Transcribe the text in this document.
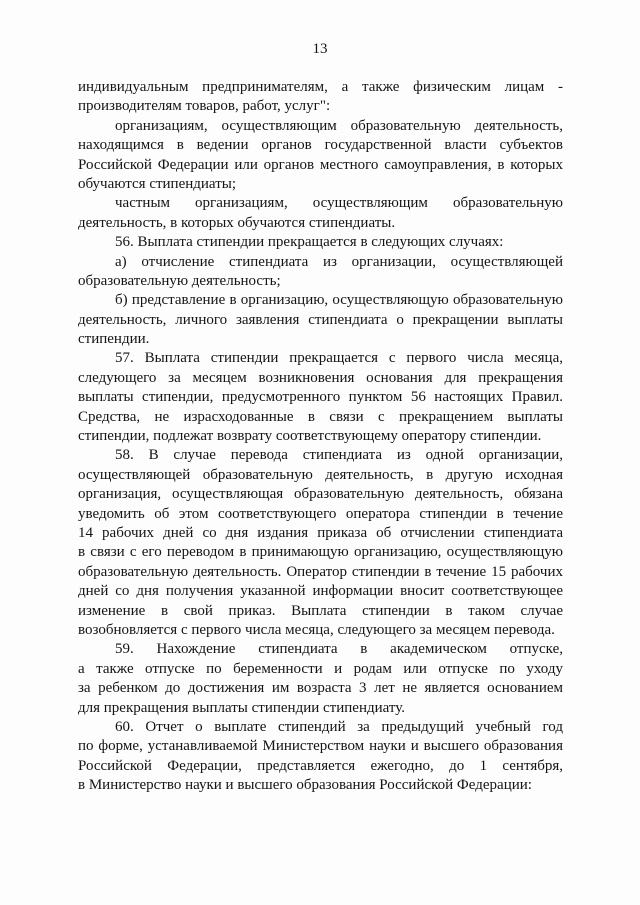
13
индивидуальным предпринимателям, а также физическим лицам -
производителям товаров, работ, услуг":
организациям, осуществляющим образовательную деятельность,
находящимся в ведении органов государственной власти субъектов
Российской Федерации или органов местного самоуправления, в которых
обучаются стипендиаты;
частным организациям, осуществляющим образовательную
деятельность, в которых обучаются стипендиаты.
56. Выплата стипендии прекращается в следующих случаях:
а) отчисление стипендиата из организации, осуществляющей
образовательную деятельность;
б) представление в организацию, осуществляющую образовательную
деятельность, личного заявления стипендиата о прекращении выплаты
стипендии.
57. Выплата стипендии прекращается с первого числа месяца,
следующего за месяцем возникновения основания для прекращения
выплаты стипендии, предусмотренного пунктом 56 настоящих Правил.
Средства, не израсходованные в связи с прекращением выплаты
стипендии, подлежат возврату соответствующему оператору стипендии.
58. В случае перевода стипендиата из одной организации,
осуществляющей образовательную деятельность, в другую исходная
организация, осуществляющая образовательную деятельность, обязана
уведомить об этом соответствующего оператора стипендии в течение
14 рабочих дней со дня издания приказа об отчислении стипендиата
в связи с его переводом в принимающую организацию, осуществляющую
образовательную деятельность. Оператор стипендии в течение 15 рабочих
дней со дня получения указанной информации вносит соответствующее
изменение в свой приказ. Выплата стипендии в таком случае
возобновляется с первого числа месяца, следующего за месяцем перевода.
59. Нахождение стипендиата в академическом отпуске,
а также отпуске по беременности и родам или отпуске по уходу
за ребенком до достижения им возраста 3 лет не является основанием
для прекращения выплаты стипендии стипендиату.
60. Отчет о выплате стипендий за предыдущий учебный год
по форме, устанавливаемой Министерством науки и высшего образования
Российской Федерации, представляется ежегодно, до 1 сентября,
в Министерство науки и высшего образования Российской Федерации:
